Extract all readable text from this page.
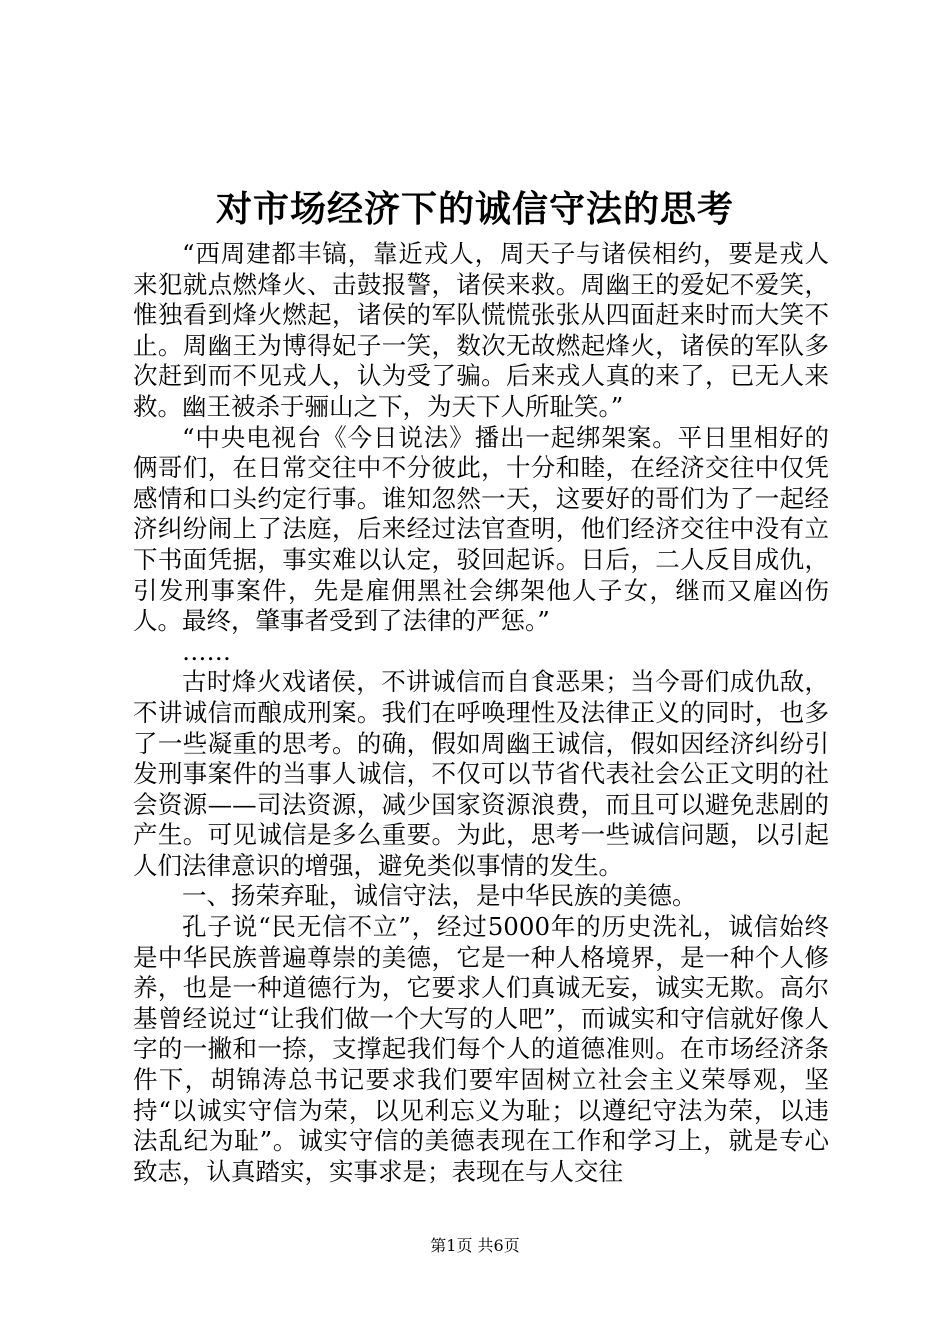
对市场经济下的诚信守法的思考

“西周建都丰镐，靠近戎人，周天子与诸侯相约，要是戎人来犯就点燃烽火、击鼓报警，诸侯来救。周幽王的爱妃不爱笑，惟独看到烽火燃起，诸侯的军队慌慌张张从四面赶来时而大笑不止。周幽王为博得妃子一笑，数次无故燃起烽火，诸侯的军队多次赶到而不见戎人，认为受了骗。后来戎人真的来了，已无人来救。幽王被杀于骊山之下，为天下人所耻笑。”

“中央电视台《今日说法》播出一起绑架案。平日里相好的俩哥们，在日常交往中不分彼此，十分和睦，在经济交往中仅凭感情和口头约定行事。谁知忽然一天，这要好的哥们为了一起经济纠纷闹上了法庭，后来经过法官查明，他们经济交往中没有立下书面凭据，事实难以认定，驳回起诉。日后，二人反目成仇，引发刑事案件，先是雇佣黑社会绑架他人子女，继而又雇凶伤人。最终，肇事者受到了法律的严惩。”

……

古时烽火戏诸侯，不讲诚信而自食恶果；当今哥们成仇敌，不讲诚信而酿成刑案。我们在呼唤理性及法律正义的同时，也多了一些凝重的思考。的确，假如周幽王诚信，假如因经济纠纷引发刑事案件的当事人诚信，不仅可以节省代表社会公正文明的社会资源——司法资源，减少国家资源浪费，而且可以避免悲剧的产生。可见诚信是多么重要。为此，思考一些诚信问题，以引起人们法律意识的增强，避免类似事情的发生。

一、扬荣弃耻，诚信守法，是中华民族的美德。

孔子说“民无信不立”，经过5000年的历史洗礼，诚信始终是中华民族普遍尊崇的美德，它是一种人格境界，是一种个人修养，也是一种道德行为，它要求人们真诚无妄，诚实无欺。高尔基曾经说过“让我们做一个大写的人吧”，而诚实和守信就好像人字的一撇和一捺，支撑起我们每个人的道德准则。在市场经济条件下，胡锦涛总书记要求我们要牢固树立社会主义荣辱观，坚持“以诚实守信为荣，以见利忘义为耻；以遵纪守法为荣，以违法乱纪为耻”。诚实守信的美德表现在工作和学习上，就是专心致志，认真踏实，实事求是；表现在与人交往

第1页 共6页
